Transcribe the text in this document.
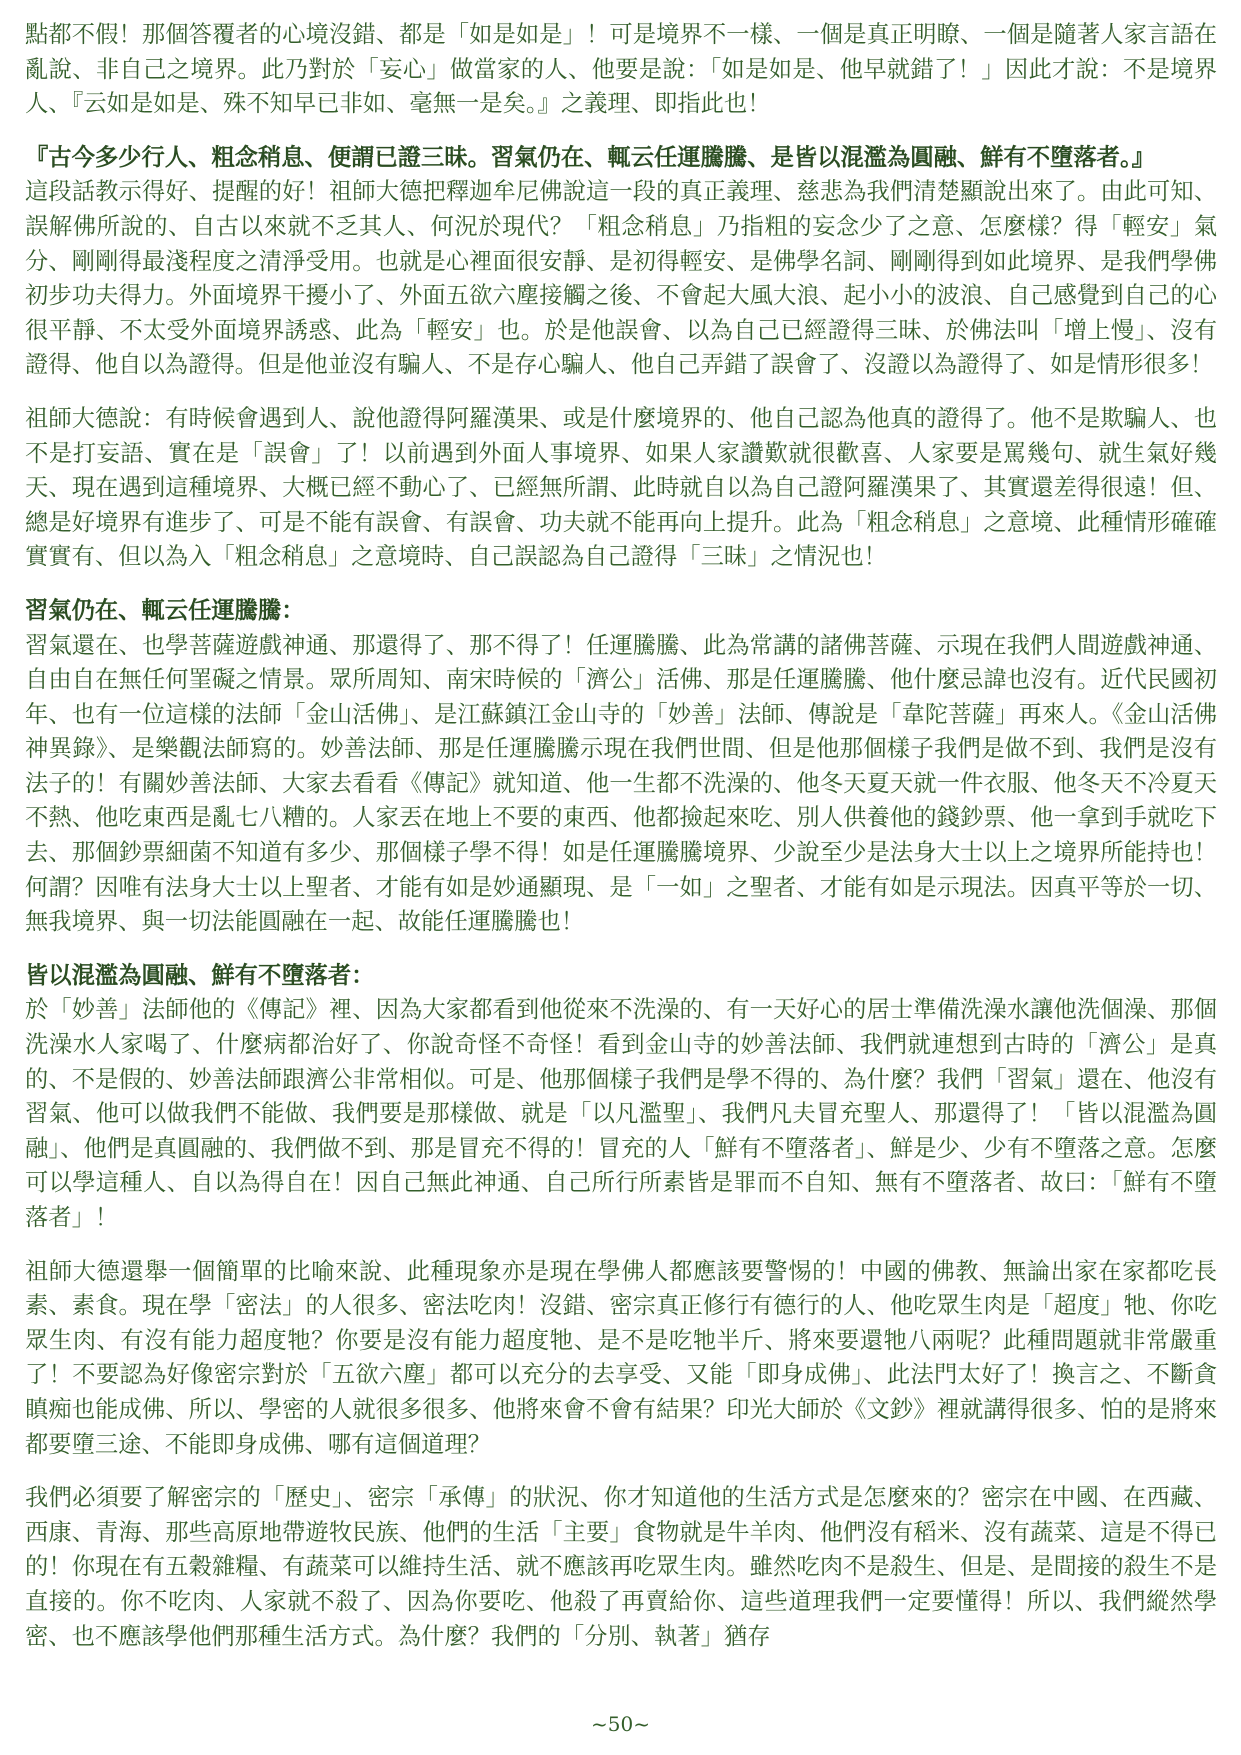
點都不假！那個答覆者的心境沒錯、都是「如是如是」！可是境界不一樣、一個是真正明瞭、一個是隨著人家言語在亂說、非自己之境界。此乃對於「妄心」做當家的人、他要是說：「如是如是、他早就錯了！」因此才說：不是境界人、『云如是如是、殊不知早已非如、毫無一是矣。』之義理、即指此也！

『古今多少行人、粗念稍息、便謂已證三昧。習氣仍在、輒云任運騰騰、是皆以混濫為圓融、鮮有不墮落者。』

這段話教示得好、提醒的好！祖師大德把釋迦牟尼佛說這一段的真正義理、慈悲為我們清楚顯說出來了。由此可知、誤解佛所說的、自古以來就不乏其人、何況於現代？「粗念稍息」乃指粗的妄念少了之意、怎麼樣？得「輕安」氣分、剛剛得最淺程度之清淨受用。也就是心裡面很安靜、是初得輕安、是佛學名詞、剛剛得到如此境界、是我們學佛初步功夫得力。外面境界干擾小了、外面五欲六塵接觸之後、不會起大風大浪、起小小的波浪、自己感覺到自己的心很平靜、不太受外面境界誘惑、此為「輕安」也。於是他誤會、以為自己已經證得三昧、於佛法叫「增上慢」、沒有證得、他自以為證得。但是他並沒有騙人、不是存心騙人、他自己弄錯了誤會了、沒證以為證得了、如是情形很多！

祖師大德說：有時候會遇到人、說他證得阿羅漢果、或是什麼境界的、他自己認為他真的證得了。他不是欺騙人、也不是打妄語、實在是「誤會」了！以前遇到外面人事境界、如果人家讚歎就很歡喜、人家要是罵幾句、就生氣好幾天、現在遇到這種境界、大概已經不動心了、已經無所謂、此時就自以為自己證阿羅漢果了、其實還差得很遠！但、總是好境界有進步了、可是不能有誤會、有誤會、功夫就不能再向上提升。此為「粗念稍息」之意境、此種情形確確實實有、但以為入「粗念稍息」之意境時、自己誤認為自己證得「三昧」之情況也！

習氣仍在、輒云任運騰騰：

習氣還在、也學菩薩遊戲神通、那還得了、那不得了！任運騰騰、此為常講的諸佛菩薩、示現在我們人間遊戲神通、自由自在無任何罣礙之情景。眾所周知、南宋時候的「濟公」活佛、那是任運騰騰、他什麼忌諱也沒有。近代民國初年、也有一位這樣的法師「金山活佛」、是江蘇鎮江金山寺的「妙善」法師、傳說是「韋陀菩薩」再來人。《金山活佛神異錄》、是樂觀法師寫的。妙善法師、那是任運騰騰示現在我們世間、但是他那個樣子我們是做不到、我們是沒有法子的！有關妙善法師、大家去看看《傳記》就知道、他一生都不洗澡的、他冬天夏天就一件衣服、他冬天不冷夏天不熱、他吃東西是亂七八糟的。人家丟在地上不要的東西、他都撿起來吃、別人供養他的錢鈔票、他一拿到手就吃下去、那個鈔票細菌不知道有多少、那個樣子學不得！如是任運騰騰境界、少說至少是法身大士以上之境界所能持也！何謂？因唯有法身大士以上聖者、才能有如是妙通顯現、是「一如」之聖者、才能有如是示現法。因真平等於一切、無我境界、與一切法能圓融在一起、故能任運騰騰也！

皆以混濫為圓融、鮮有不墮落者：

於「妙善」法師他的《傳記》裡、因為大家都看到他從來不洗澡的、有一天好心的居士準備洗澡水讓他洗個澡、那個洗澡水人家喝了、什麼病都治好了、你說奇怪不奇怪！看到金山寺的妙善法師、我們就連想到古時的「濟公」是真的、不是假的、妙善法師跟濟公非常相似。可是、他那個樣子我們是學不得的、為什麼？我們「習氣」還在、他沒有習氣、他可以做我們不能做、我們要是那樣做、就是「以凡濫聖」、我們凡夫冒充聖人、那還得了！「皆以混濫為圓融」、他們是真圓融的、我們做不到、那是冒充不得的！冒充的人「鮮有不墮落者」、鮮是少、少有不墮落之意。怎麼可以學這種人、自以為得自在！因自己無此神通、自己所行所素皆是罪而不自知、無有不墮落者、故曰：「鮮有不墮落者」！

祖師大德還舉一個簡單的比喻來說、此種現象亦是現在學佛人都應該要警惕的！中國的佛教、無論出家在家都吃長素、素食。現在學「密法」的人很多、密法吃肉！沒錯、密宗真正修行有德行的人、他吃眾生肉是「超度」牠、你吃眾生肉、有沒有能力超度牠？你要是沒有能力超度牠、是不是吃牠半斤、將來要還牠八兩呢？此種問題就非常嚴重了！不要認為好像密宗對於「五欲六塵」都可以充分的去享受、又能「即身成佛」、此法門太好了！換言之、不斷貪瞋痴也能成佛、所以、學密的人就很多很多、他將來會不會有結果？印光大師於《文鈔》裡就講得很多、怕的是將來都要墮三途、不能即身成佛、哪有這個道理？

我們必須要了解密宗的「歷史」、密宗「承傳」的狀況、你才知道他的生活方式是怎麼來的？密宗在中國、在西藏、西康、青海、那些高原地帶遊牧民族、他們的生活「主要」食物就是牛羊肉、他們沒有稻米、沒有蔬菜、這是不得已的！你現在有五穀雜糧、有蔬菜可以維持生活、就不應該再吃眾生肉。雖然吃肉不是殺生、但是、是間接的殺生不是直接的。你不吃肉、人家就不殺了、因為你要吃、他殺了再賣給你、這些道理我們一定要懂得！所以、我們縱然學密、也不應該學他們那種生活方式。為什麼？我們的「分別、執著」猶存

~50~
